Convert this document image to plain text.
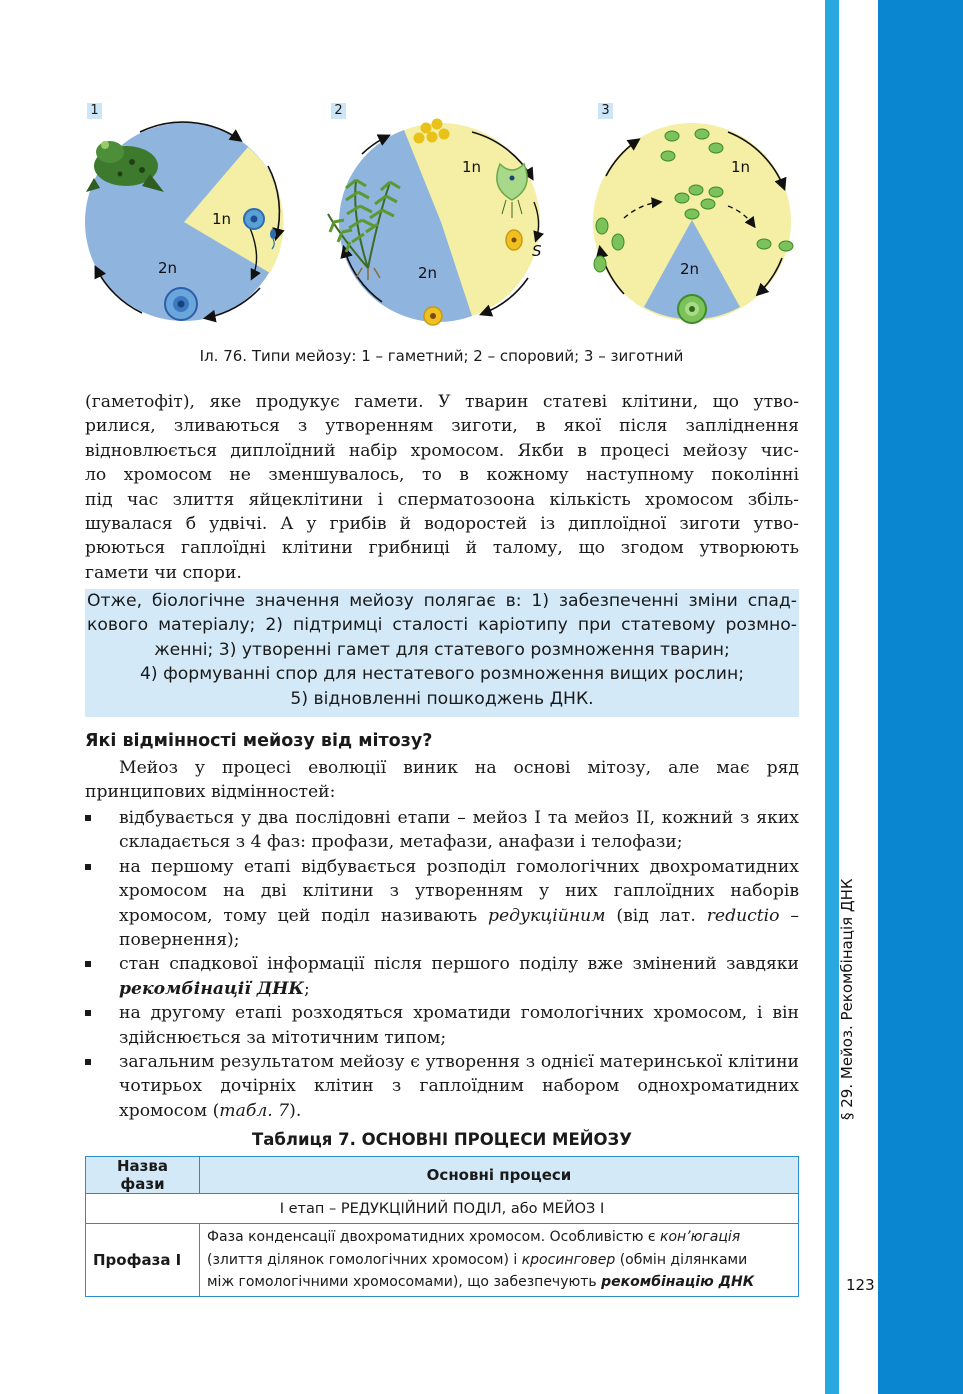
§ 29. Мейоз. Рекомбінація ДНК
123
1
1n
2n
2
1n
2n
S
3
1n
2n
Іл. 76. Типи мейозу: 1 – гаметний; 2 – споровий; 3 – зиготний
(гаметофіт), яке продукує гамети. У тварин статеві клітини, що утво-
рилися, зливаються з утворенням зиготи, в якої після запліднення
відновлюється диплоїдний набір хромосом. Якби в процесі мейозу чис-
ло хромосом не зменшувалось, то в кожному наступному поколінні
під час злиття яйцеклітини і сперматозоона кількість хромосом збіль-
шувалася б удвічі. А у грибів й водоростей із диплоїдної зиготи утво-
рюються гаплоїдні клітини грибниці й талому, що згодом утворюють
гамети чи спори.
Отже, біологічне значення мейозу полягає в: 1) забезпеченні зміни спад-
кового матеріалу; 2) підтримці сталості каріотипу при статевому розмно-
женні; 3) утворенні гамет для статевого розмноження тварин;
4) формуванні спор для нестатевого розмноження вищих рослин;
5) відновленні пошкоджень ДНК.
Які відмінності мейозу від мітозу?
Мейоз у процесі еволюції виник на основі мітозу, але має ряд принципових відмінностей:
відбувається у два послідовні етапи – мейоз I та мейоз II, кожний з яких складається з 4 фаз: профази, метафази, анафази і телофази;
на першому етапі відбувається розподіл гомологічних двохроматидних хромосом на дві клітини з утворенням у них гаплоїдних наборів хромосом, тому цей поділ називають редукційним (від лат. reductio – повернення);
стан спадкової інформації після першого поділу вже змінений завдяки рекомбінації ДНК;
на другому етапі розходяться хроматиди гомологічних хромосом, і він здійснюється за мітотичним типом;
загальним результатом мейозу є утворення з однієї материнської клітини чотирьох дочірніх клітин з гаплоїдним набором однохроматидних хромосом (табл. 7).
Таблиця 7. ОСНОВНІ ПРОЦЕСИ МЕЙОЗУ
Назва фази	Основні процеси
I етап – РЕДУКЦІЙНИЙ ПОДІЛ, або МЕЙОЗ I	
Профаза I	Фаза конденсації двохроматидних хромосом. Особливістю є кон’югація
(злиття ділянок гомологічних хромосом) і кросинговер (обмін ділянками
між гомологічними хромосомами), що забезпечують рекомбінацію ДНК
